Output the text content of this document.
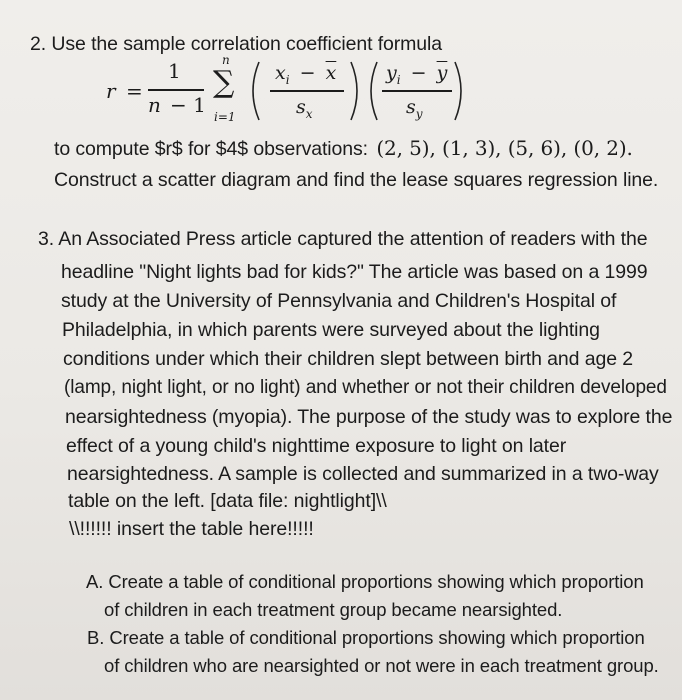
2. Use the sample correlation coefficient formula
r =
1
n − 1
n
∑
i=1
$x_i - \overline{x}$
$s_x$
$y_i - \overline{y}$
$s_y$
to compute $r$ for $4$ observations: (2, 5), (1, 3), (5, 6), (0, 2).
Construct a scatter diagram and find the lease squares regression line.
3. An Associated Press article captured the attention of readers with the
headline "Night lights bad for kids?" The article was based on a 1999
study at the University of Pennsylvania and Children's Hospital of
Philadelphia, in which parents were surveyed about the lighting
conditions under which their children slept between birth and age 2
(lamp, night light, or no light) and whether or not their children developed
nearsightedness (myopia). The purpose of the study was to explore the
effect of a young child's nighttime exposure to light on later
nearsightedness. A sample is collected and summarized in a two-way
table on the left. [data file: nightlight]\\
\\!!!!!! insert the table here!!!!!
A. Create a table of conditional proportions showing which proportion
of children in each treatment group became nearsighted.
B. Create a table of conditional proportions showing which proportion
of children who are nearsighted or not were in each treatment group.
